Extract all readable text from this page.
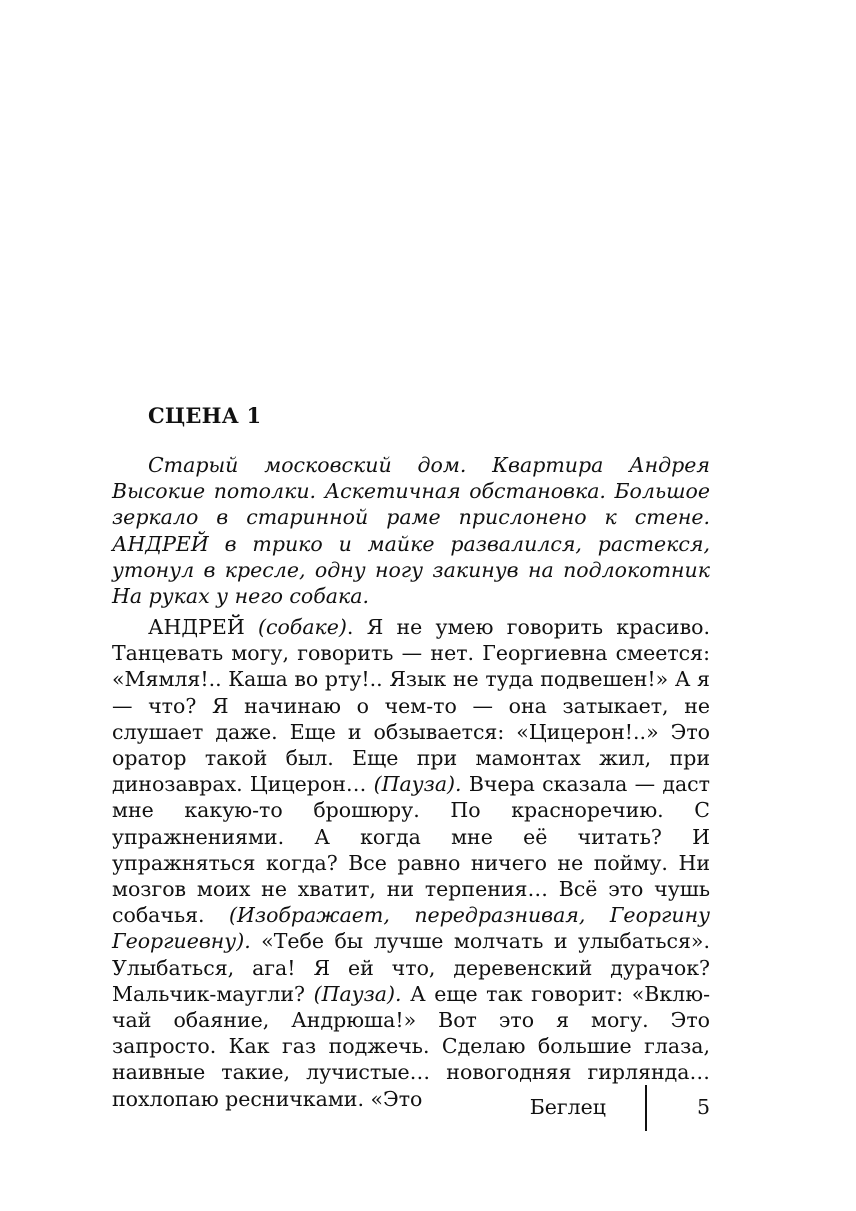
СЦЕНА 1
Старый московский дом. Квартира Андрея Высокие потолки. Аскетичная обстановка. Большое зеркало в старинной раме прислонено к стене. АНДРЕЙ в трико и майке развалился, растекся, утонул в кресле, одну ногу закинув на подлокотник На руках у него собака.
АНДРЕЙ (собаке). Я не умею говорить красиво. Танцевать могу, говорить — нет. Георгиевна смеется: «Мямля!.. Каша во рту!.. Язык не туда подвешен!» А я — что? Я начинаю о чем-то — она затыкает, не слушает даже. Еще и обзывается: «Цицерон!..» Это оратор такой был. Еще при мамонтах жил, при динозаврах. Цицерон… (Пауза). Вчера сказала — даст мне какую-то брошюру. По красноречию. С упражнениями. А когда мне её читать? И упражняться когда? Все равно ничего не пойму. Ни мозгов моих не хватит, ни терпения… Всё это чушь собачья. (Изображает, передразнивая, Георгину Георгиевну). «Тебе бы лучше молчать и улыбаться». Улыбаться, ага! Я ей что, деревенский дурачок? Мальчик-маугли? (Пауза). А еще так говорит: «Включай обаяние, Андрюша!» Вот это я могу. Это запросто. Как газ поджечь. Сделаю большие глаза, наивные такие, лучистые… новогодняя гирлянда… похлопаю ресничками. «Это	Беглец	5
